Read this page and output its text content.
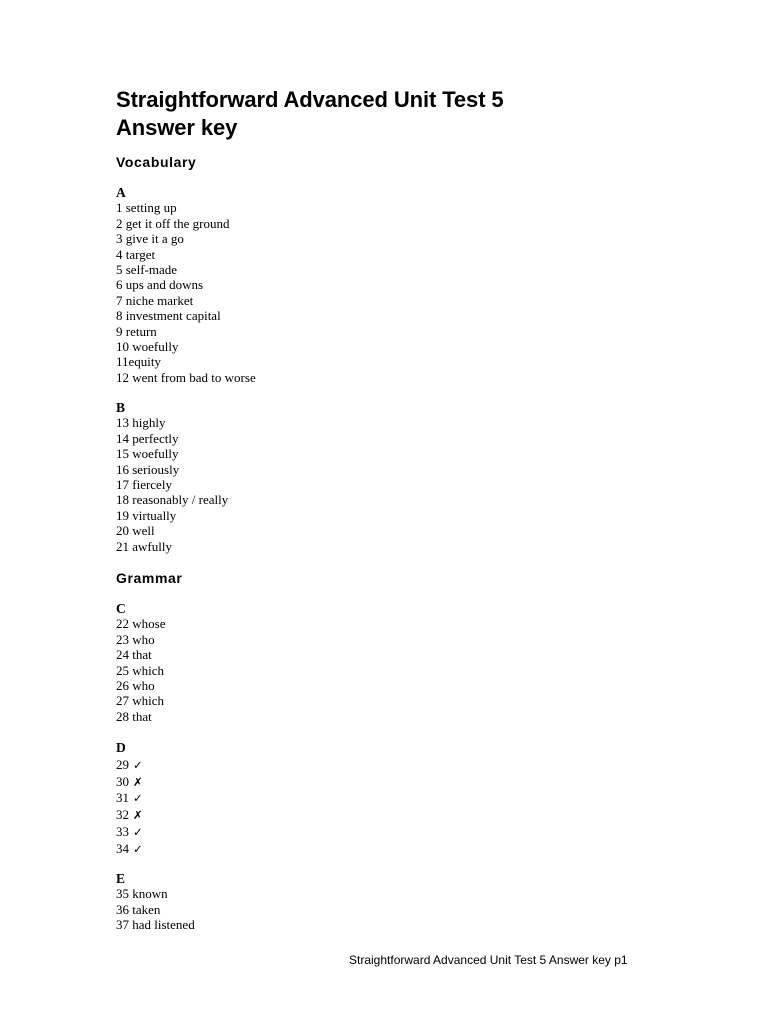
Straightforward Advanced Unit Test 5
Answer key
Vocabulary
A
1 setting up
2 get it off the ground
3 give it a go
4 target
5 self-made
6 ups and downs
7 niche market
8 investment capital
9 return
10 woefully
11equity
12 went from bad to worse
B
13 highly
14 perfectly
15 woefully
16 seriously
17 fiercely
18 reasonably / really
19 virtually
20 well
21 awfully
Grammar
C
22 whose
23 who
24 that
25 which
26 who
27 which
28 that
D
29 ✓
30 ✗
31 ✓
32 ✗
33 ✓
34 ✓
E
35 known
36 taken
37 had listened
Straightforward Advanced Unit Test 5 Answer key p1
